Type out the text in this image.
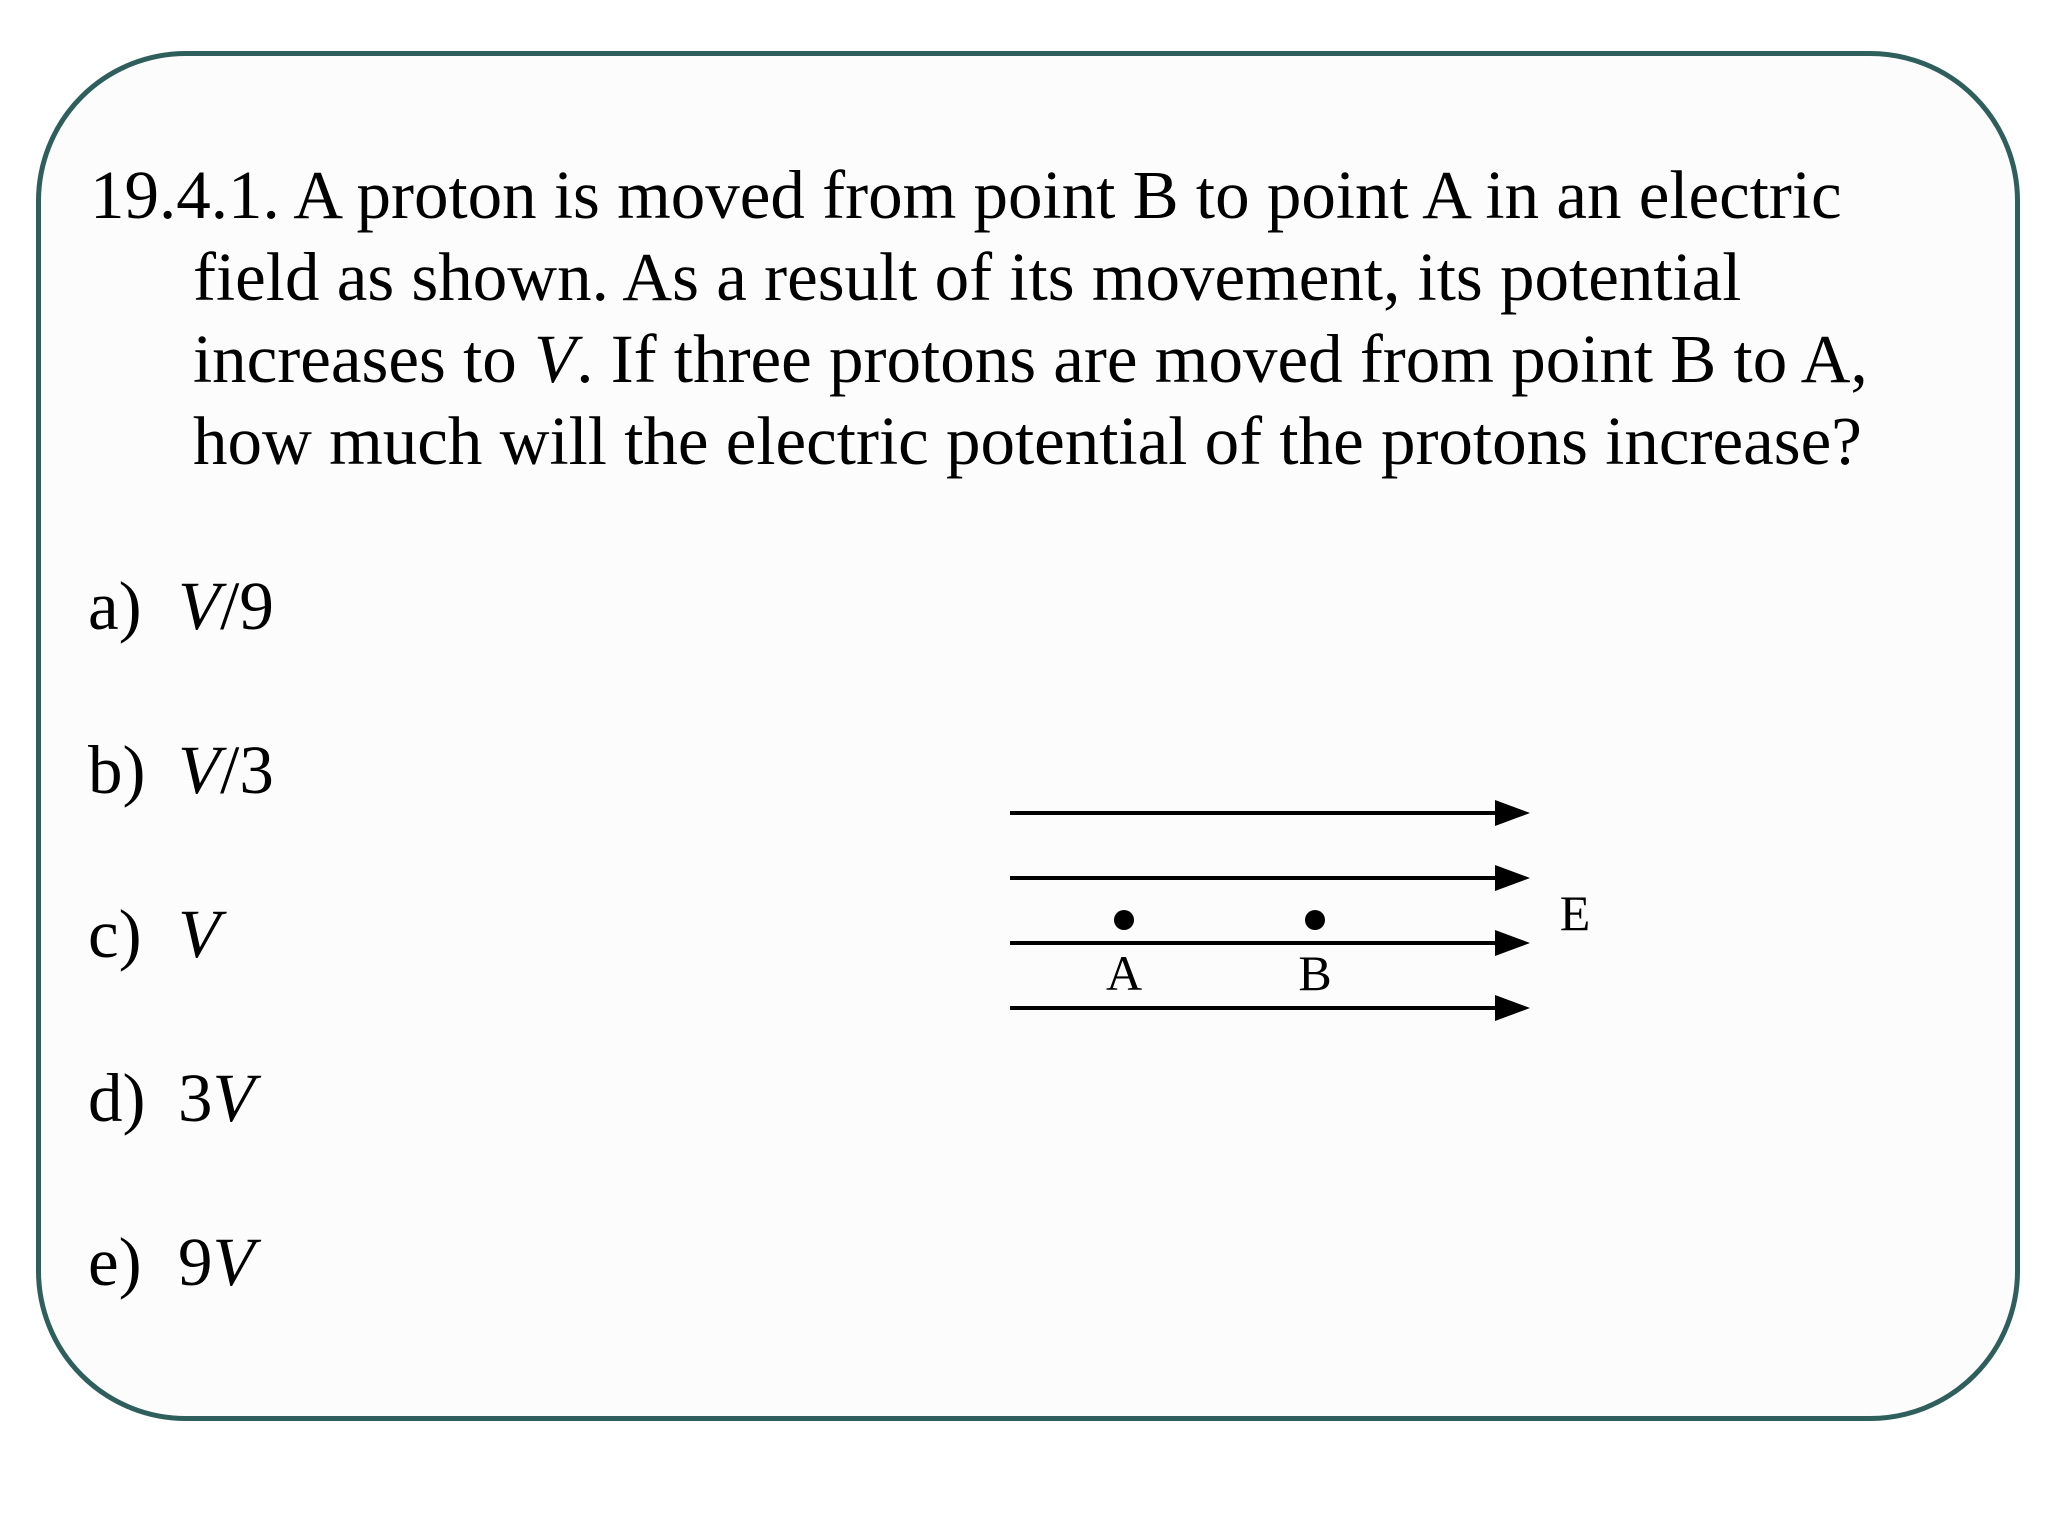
19.4.1. A proton is moved from point B to point A in an electric
field as shown. As a result of its movement, its potential
increases to V. If three protons are moved from point B to A,
how much will the electric potential of the protons increase?
a) V/9
b) V/3
c) V
d) 3V
e) 9V
A	B
E
